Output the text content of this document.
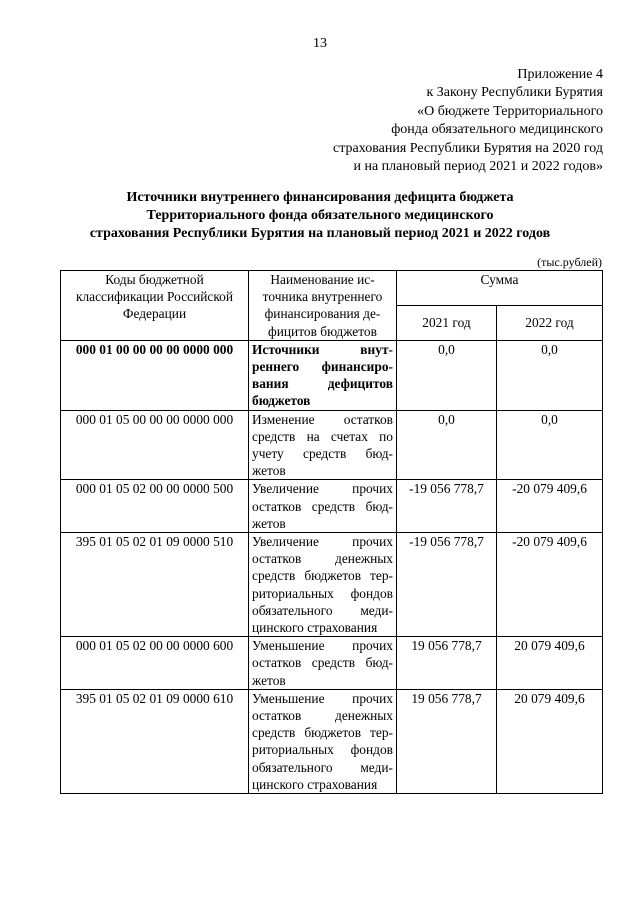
13
Приложение 4
к Закону Республики Бурятия
«О бюджете Территориального
фонда обязательного медицинского
страхования Республики Бурятия на 2020 год
и на плановый период 2021 и 2022 годов»
Источники внутреннего финансирования дефицита бюджета
Территориального фонда обязательного медицинского
страхования Республики Бурятия на плановый период 2021 и 2022 годов
(тыс.рублей)
Коды бюджетной классификации Российской Федерации	Наименование ис-точника внутреннего финансирования де-фицитов бюджетов	Сумма	
		2021 год	2022 год
000 01 00 00 00 00 0000 000	Источники внут-реннего финансиро-вания дефицитов бюджетов	0,0	0,0
000 01 05 00 00 00 0000 000	Изменение остатков средств на счетах по учету средств бюд-жетов	0,0	0,0
000 01 05 02 00 00 0000 500	Увеличение прочих остатков средств бюд-жетов	-19 056 778,7	-20 079 409,6
395 01 05 02 01 09 0000 510	Увеличение прочих остатков денежных средств бюджетов тер-риториальных фондов обязательного меди-цинского страхования	-19 056 778,7	-20 079 409,6
000 01 05 02 00 00 0000 600	Уменьшение прочих остатков средств бюд-жетов	19 056 778,7	20 079 409,6
395 01 05 02 01 09 0000 610	Уменьшение прочих остатков денежных средств бюджетов тер-риториальных фондов обязательного меди-цинского страхования	19 056 778,7	20 079 409,6
